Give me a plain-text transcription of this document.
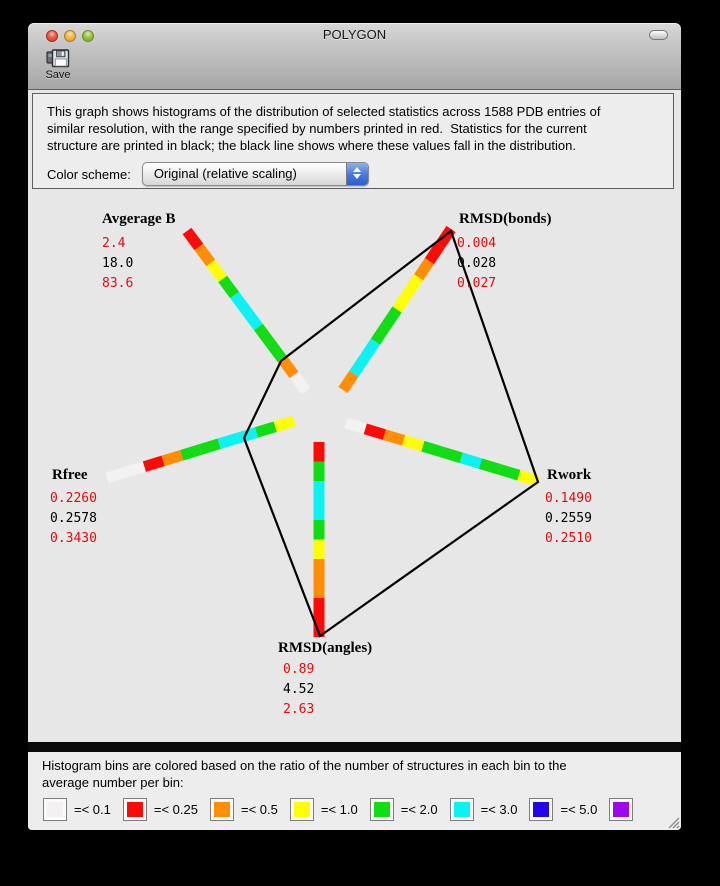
POLYGON
Save
This graph shows histograms of the distribution of selected statistics across 1588 PDB entries of
similar resolution, with the range specified by numbers printed in red.  Statistics for the current
structure are printed in black; the black line shows where these values fall in the distribution.
Color scheme: Original (relative scaling)
Avgerage B
2.4
18.0
83.6
RMSD(bonds)
0.004
0.028
0.027
Rwork
0.1490
0.2559
0.2510
RMSD(angles)
0.89
4.52
2.63
Rfree
0.2260
0.2578
0.3430
Histogram bins are colored based on the ratio of the number of structures in each bin to the
average number per bin:
=< 0.1	=< 0.25	=< 0.5	=< 1.0	=< 2.0	=< 3.0	=< 5.0
